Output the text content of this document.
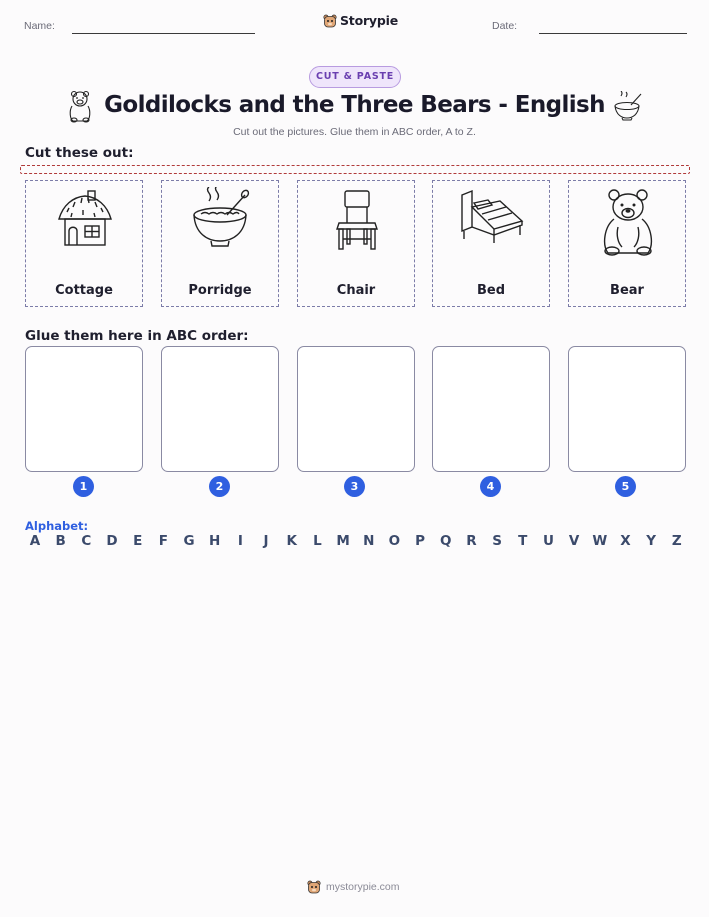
Name:	Storypie	Date:
CUT & PASTE
Goldilocks and the Three Bears - English
Cut out the pictures. Glue them in ABC order, A to Z.
Cut these out:
Cottage	Porridge	Chair	Bed	Bear
Glue them here in ABC order:
1	2	3	4	5
Alphabet:
A	B	C	D	E	F	G	H	I	J	K	L	M N	O	P	Q	R	S	T	U	V W X	Y	Z
mystorypie.com
